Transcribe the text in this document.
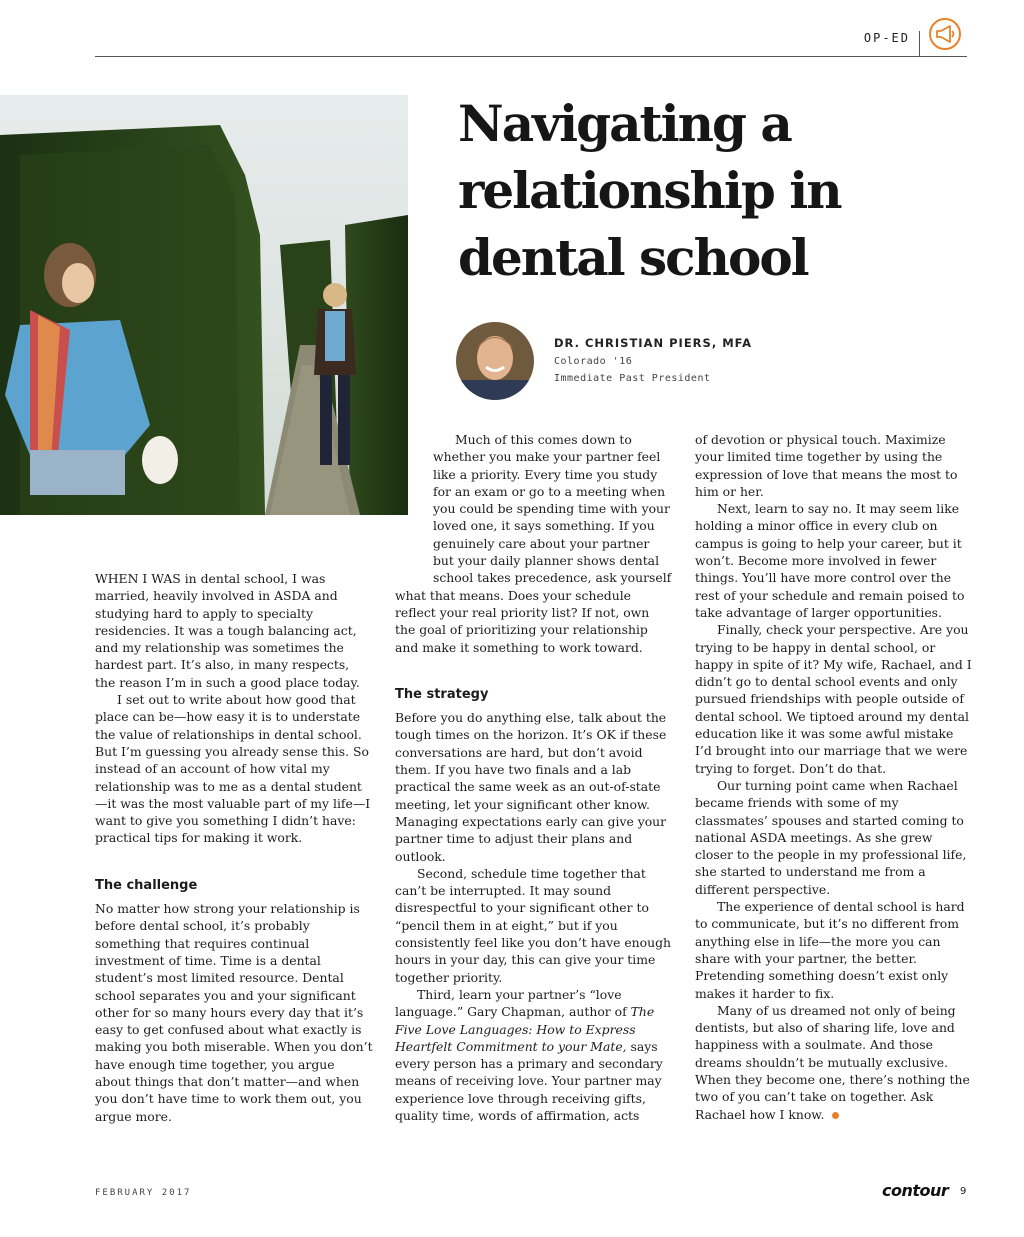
OP-ED
Navigating a relationship in dental school
DR. CHRISTIAN PIERS, MFA
Colorado '16
Immediate Past President

WHEN I WAS in dental school, I was married, heavily involved in ASDA and studying hard to apply to specialty residencies. It was a tough balancing act, and my relationship was sometimes the hardest part. It’s also, in many respects, the reason I’m in such a good place today.

I set out to write about how good that place can be—how easy it is to understate the value of relationships in dental school. But I’m guessing you already sense this. So instead of an account of how vital my relationship was to me as a dental student—it was the most valuable part of my life—I want to give you something I didn’t have: practical tips for making it work.

The challenge

No matter how strong your relationship is before dental school, it’s probably something that requires continual investment of time. Time is a dental student’s most limited resource. Dental school separates you and your significant other for so many hours every day that it’s easy to get confused about what exactly is making you both miserable. When you don’t have enough time together, you argue about things that don’t matter—and when you don’t have time to work them out, you argue more.

Much of this comes down to whether you make your partner feel like a priority. Every time you study for an exam or go to a meeting when you could be spending time with your loved one, it says something. If you genuinely care about your partner but your daily planner shows dental school takes precedence, ask yourself what that means. Does your schedule reflect your real priority list? If not, own the goal of prioritizing your relationship and make it something to work toward.

The strategy

Before you do anything else, talk about the tough times on the horizon. It’s OK if these conversations are hard, but don’t avoid them. If you have two finals and a lab practical the same week as an out-of-state meeting, let your significant other know. Managing expectations early can give your partner time to adjust their plans and outlook.

Second, schedule time together that can’t be interrupted. It may sound disrespectful to your significant other to “pencil them in at eight,” but if you consistently feel like you don’t have enough hours in your day, this can give your time together priority.

Third, learn your partner’s “love language.” Gary Chapman, author of The Five Love Languages: How to Express Heartfelt Commitment to your Mate, says every person has a primary and secondary means of receiving love. Your partner may experience love through receiving gifts, quality time, words of affirmation, acts

of devotion or physical touch. Maximize your limited time together by using the expression of love that means the most to him or her.

Next, learn to say no. It may seem like holding a minor office in every club on campus is going to help your career, but it won’t. Become more involved in fewer things. You’ll have more control over the rest of your schedule and remain poised to take advantage of larger opportunities.

Finally, check your perspective. Are you trying to be happy in dental school, or happy in spite of it? My wife, Rachael, and I didn’t go to dental school events and only pursued friendships with people outside of dental school. We tiptoed around my dental education like it was some awful mistake I’d brought into our marriage that we were trying to forget. Don’t do that.

Our turning point came when Rachael became friends with some of my classmates’ spouses and started coming to national ASDA meetings. As she grew closer to the people in my professional life, she started to understand me from a different perspective.

The experience of dental school is hard to communicate, but it’s no different from anything else in life—the more you can share with your partner, the better. Pretending something doesn’t exist only makes it harder to fix.

Many of us dreamed not only of being dentists, but also of sharing life, love and happiness with a soulmate. And those dreams shouldn’t be mutually exclusive. When they become one, there’s nothing the two of you can’t take on together. Ask Rachael how I know.

FEBRUARY 2017	contour 9
